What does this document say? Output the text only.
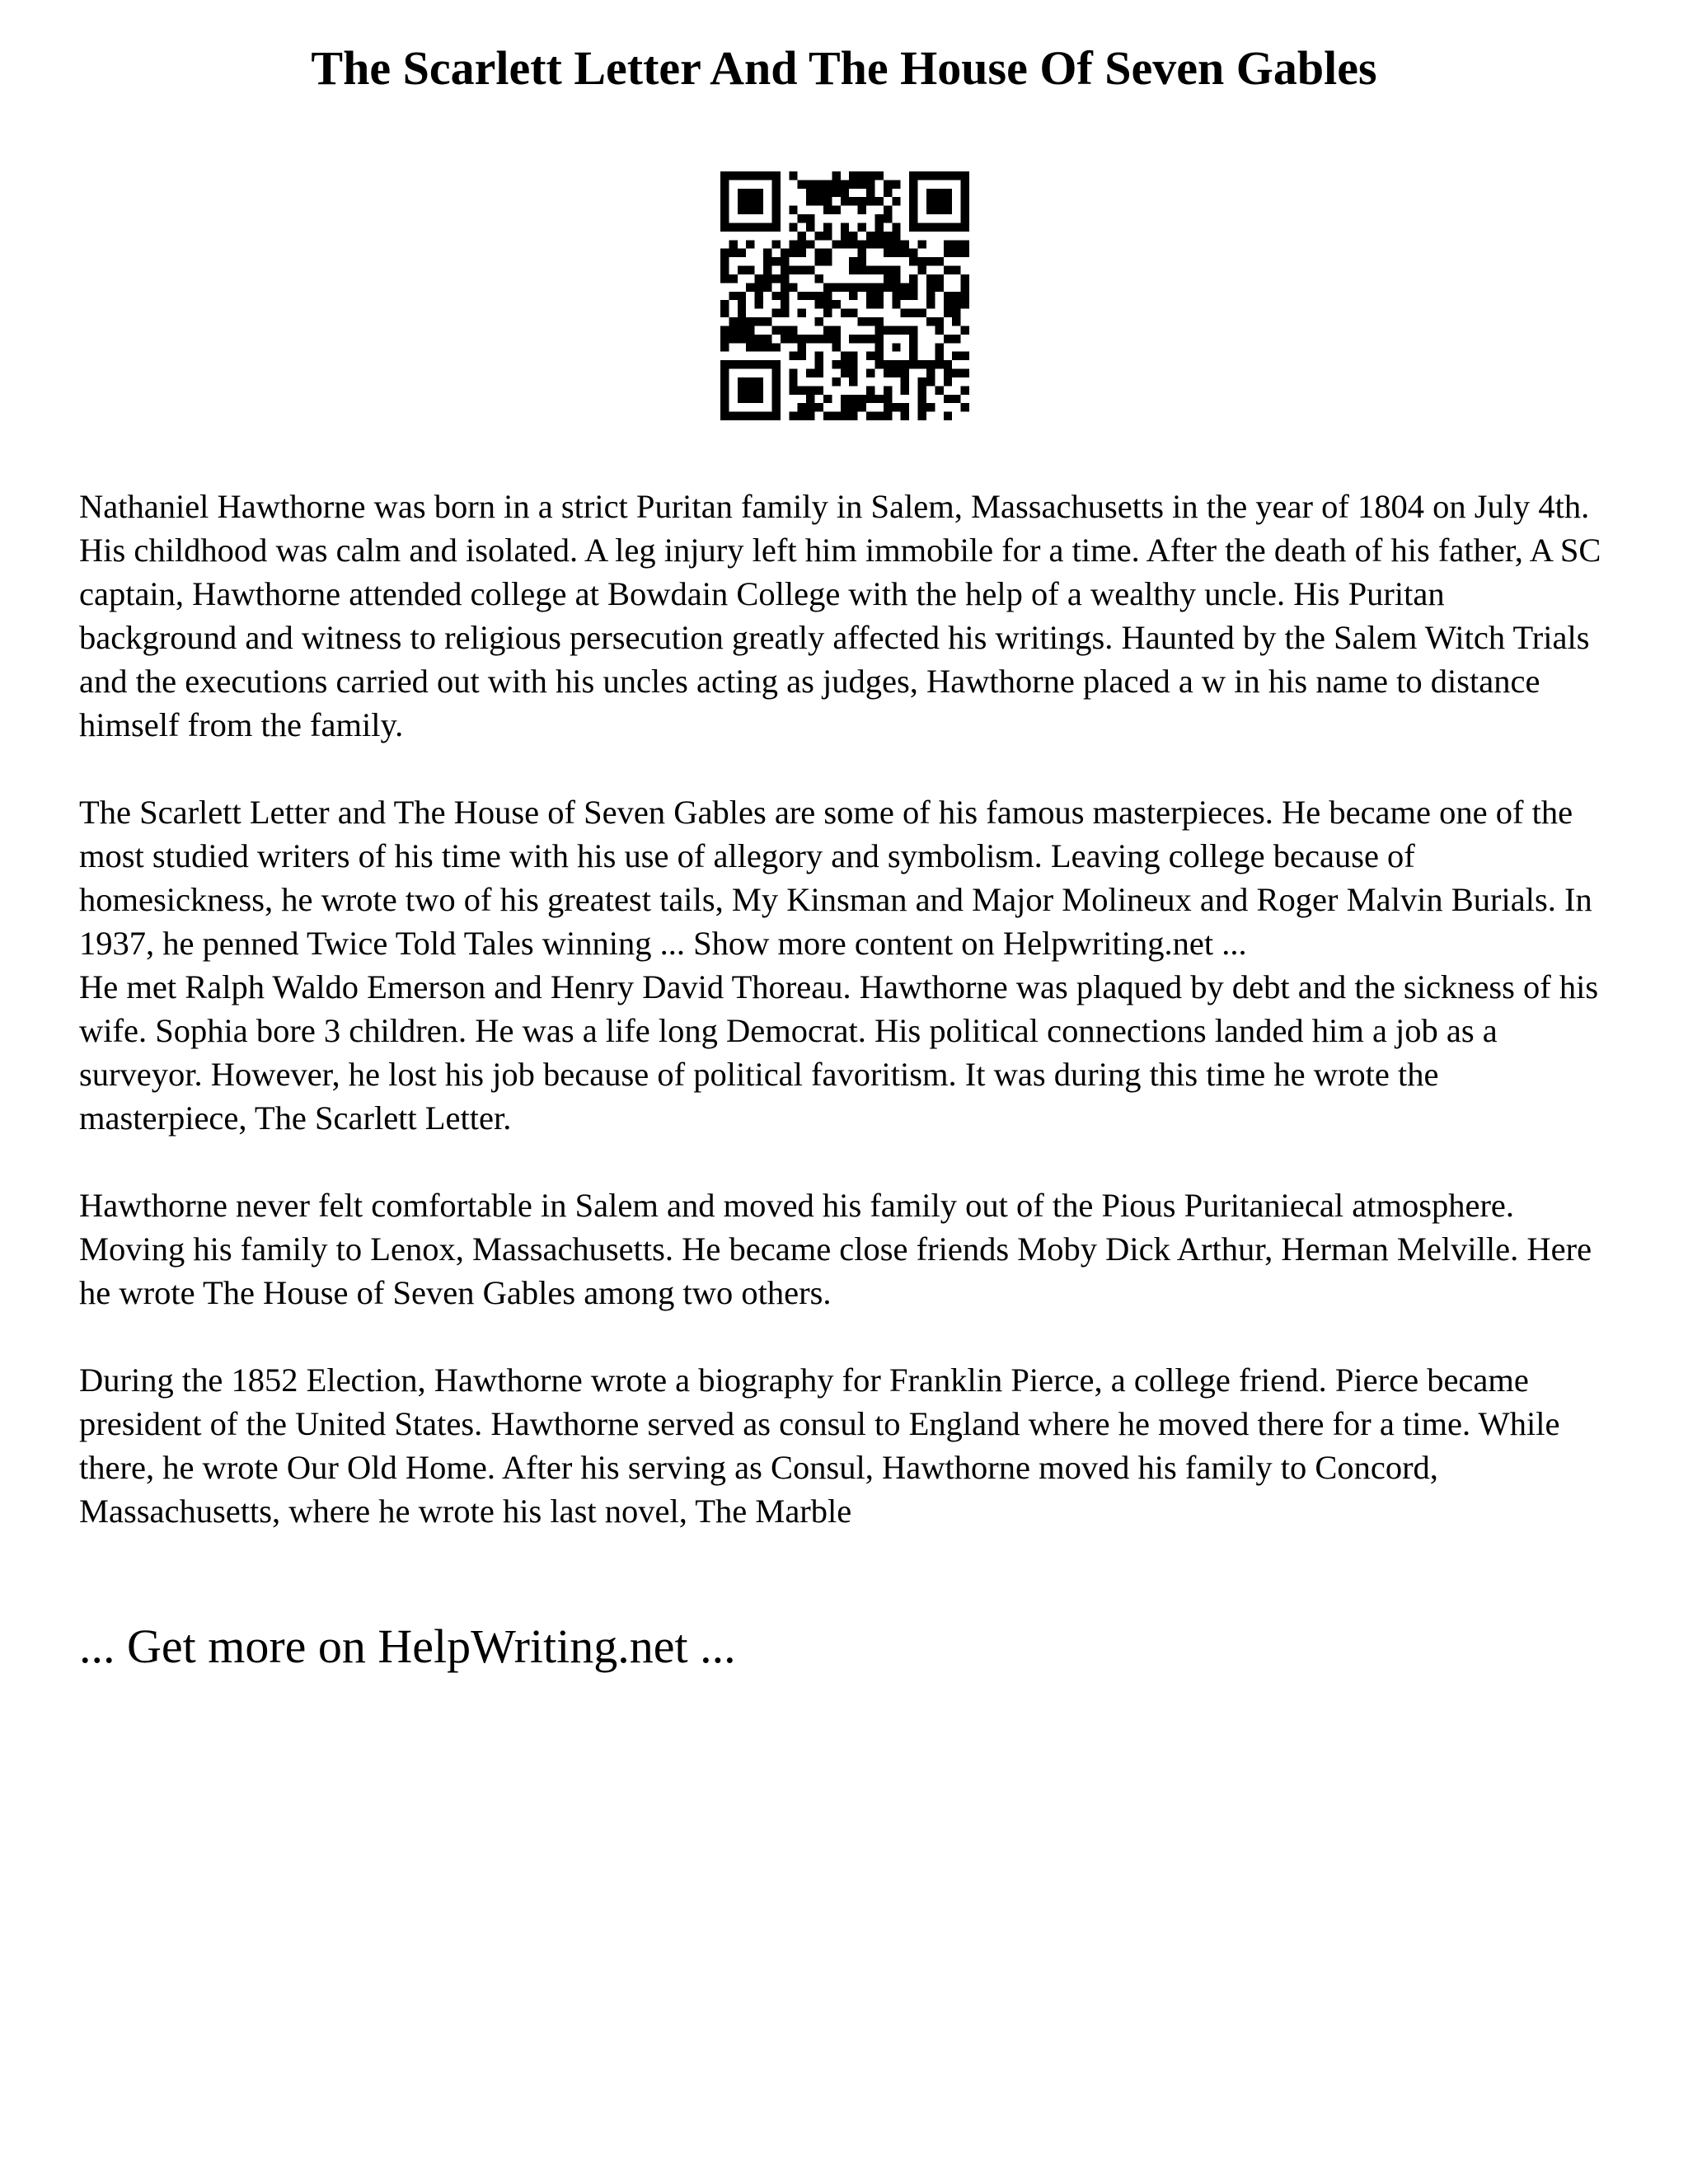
The Scarlett Letter And The House Of Seven Gables

Nathaniel Hawthorne was born in a strict Puritan family in Salem, Massachusetts in the year of 1804 on July 4th. His childhood was calm and isolated. A leg injury left him immobile for a time. After the death of his father, A SC captain, Hawthorne attended college at Bowdain College with the help of a wealthy uncle. His Puritan background and witness to religious persecution greatly affected his writings. Haunted by the Salem Witch Trials and the executions carried out with his uncles acting as judges, Hawthorne placed a w in his name to distance himself from the family.

The Scarlett Letter and The House of Seven Gables are some of his famous masterpieces. He became one of the most studied writers of his time with his use of allegory and symbolism. Leaving college because of homesickness, he wrote two of his greatest tails, My Kinsman and Major Molineux and Roger Malvin Burials. In 1937, he penned Twice Told Tales winning ... Show more content on Helpwriting.net ...

He met Ralph Waldo Emerson and Henry David Thoreau. Hawthorne was plaqued by debt and the sickness of his wife. Sophia bore 3 children. He was a life long Democrat. His political connections landed him a job as a surveyor. However, he lost his job because of political favoritism. It was during this time he wrote the masterpiece, The Scarlett Letter.

Hawthorne never felt comfortable in Salem and moved his family out of the Pious Puritaniecal atmosphere. Moving his family to Lenox, Massachusetts. He became close friends Moby Dick Arthur, Herman Melville. Here he wrote The House of Seven Gables among two others.

During the 1852 Election, Hawthorne wrote a biography for Franklin Pierce, a college friend. Pierce became president of the United States. Hawthorne served as consul to England where he moved there for a time. While there, he wrote Our Old Home. After his serving as Consul, Hawthorne moved his family to Concord, Massachusetts, where he wrote his last novel, The Marble

... Get more on HelpWriting.net ...
